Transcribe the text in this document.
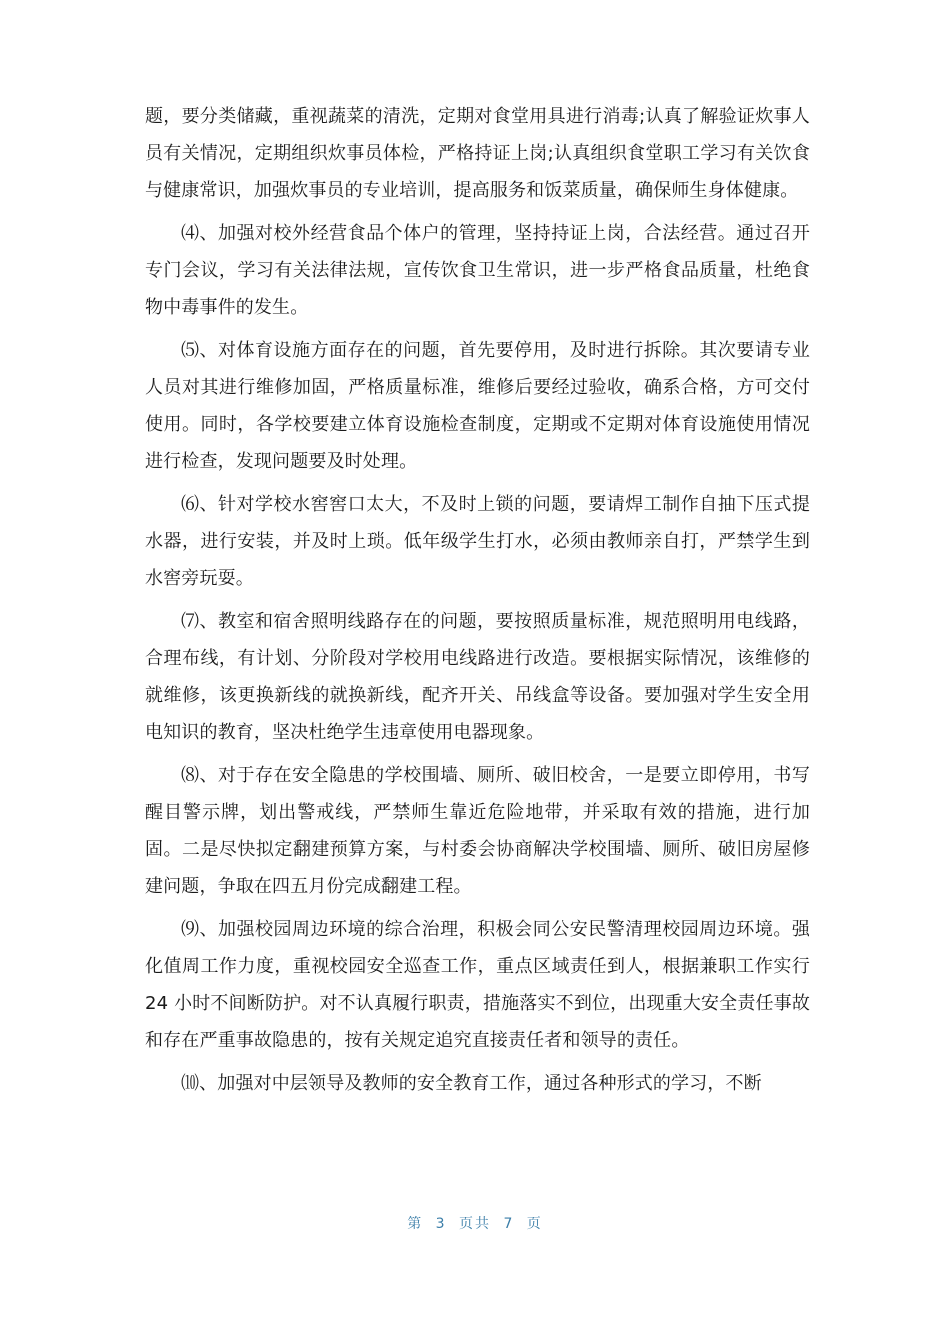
题，要分类储藏，重视蔬菜的清洗，定期对食堂用具进行消毒;认真了解验证炊事人员有关情况，定期组织炊事员体检，严格持证上岗;认真组织食堂职工学习有关饮食与健康常识，加强炊事员的专业培训，提高服务和饭菜质量，确保师生身体健康。

⑷、加强对校外经营食品个体户的管理，坚持持证上岗，合法经营。通过召开专门会议，学习有关法律法规，宣传饮食卫生常识，进一步严格食品质量，杜绝食物中毒事件的发生。

⑸、对体育设施方面存在的问题，首先要停用，及时进行拆除。其次要请专业人员对其进行维修加固，严格质量标准，维修后要经过验收，确系合格，方可交付使用。同时，各学校要建立体育设施检查制度，定期或不定期对体育设施使用情况进行检查，发现问题要及时处理。

⑹、针对学校水窖窖口太大，不及时上锁的问题，要请焊工制作自抽下压式提水器，进行安装，并及时上琐。低年级学生打水，必须由教师亲自打，严禁学生到水窖旁玩耍。

⑺、教室和宿舍照明线路存在的问题，要按照质量标准，规范照明用电线路，合理布线，有计划、分阶段对学校用电线路进行改造。要根据实际情况，该维修的就维修，该更换新线的就换新线，配齐开关、吊线盒等设备。要加强对学生安全用电知识的教育，坚决杜绝学生违章使用电器现象。

⑻、对于存在安全隐患的学校围墙、厕所、破旧校舍，一是要立即停用，书写醒目警示牌，划出警戒线，严禁师生靠近危险地带，并采取有效的措施，进行加固。二是尽快拟定翻建预算方案，与村委会协商解决学校围墙、厕所、破旧房屋修建问题，争取在四五月份完成翻建工程。

⑼、加强校园周边环境的综合治理，积极会同公安民警清理校园周边环境。强化值周工作力度，重视校园安全巡查工作，重点区域责任到人，根据兼职工作实行 24 小时不间断防护。对不认真履行职责，措施落实不到位，出现重大安全责任事故和存在严重事故隐患的，按有关规定追究直接责任者和领导的责任。

⑽、加强对中层领导及教师的安全教育工作，通过各种形式的学习，不断

第 3 页共 7 页
